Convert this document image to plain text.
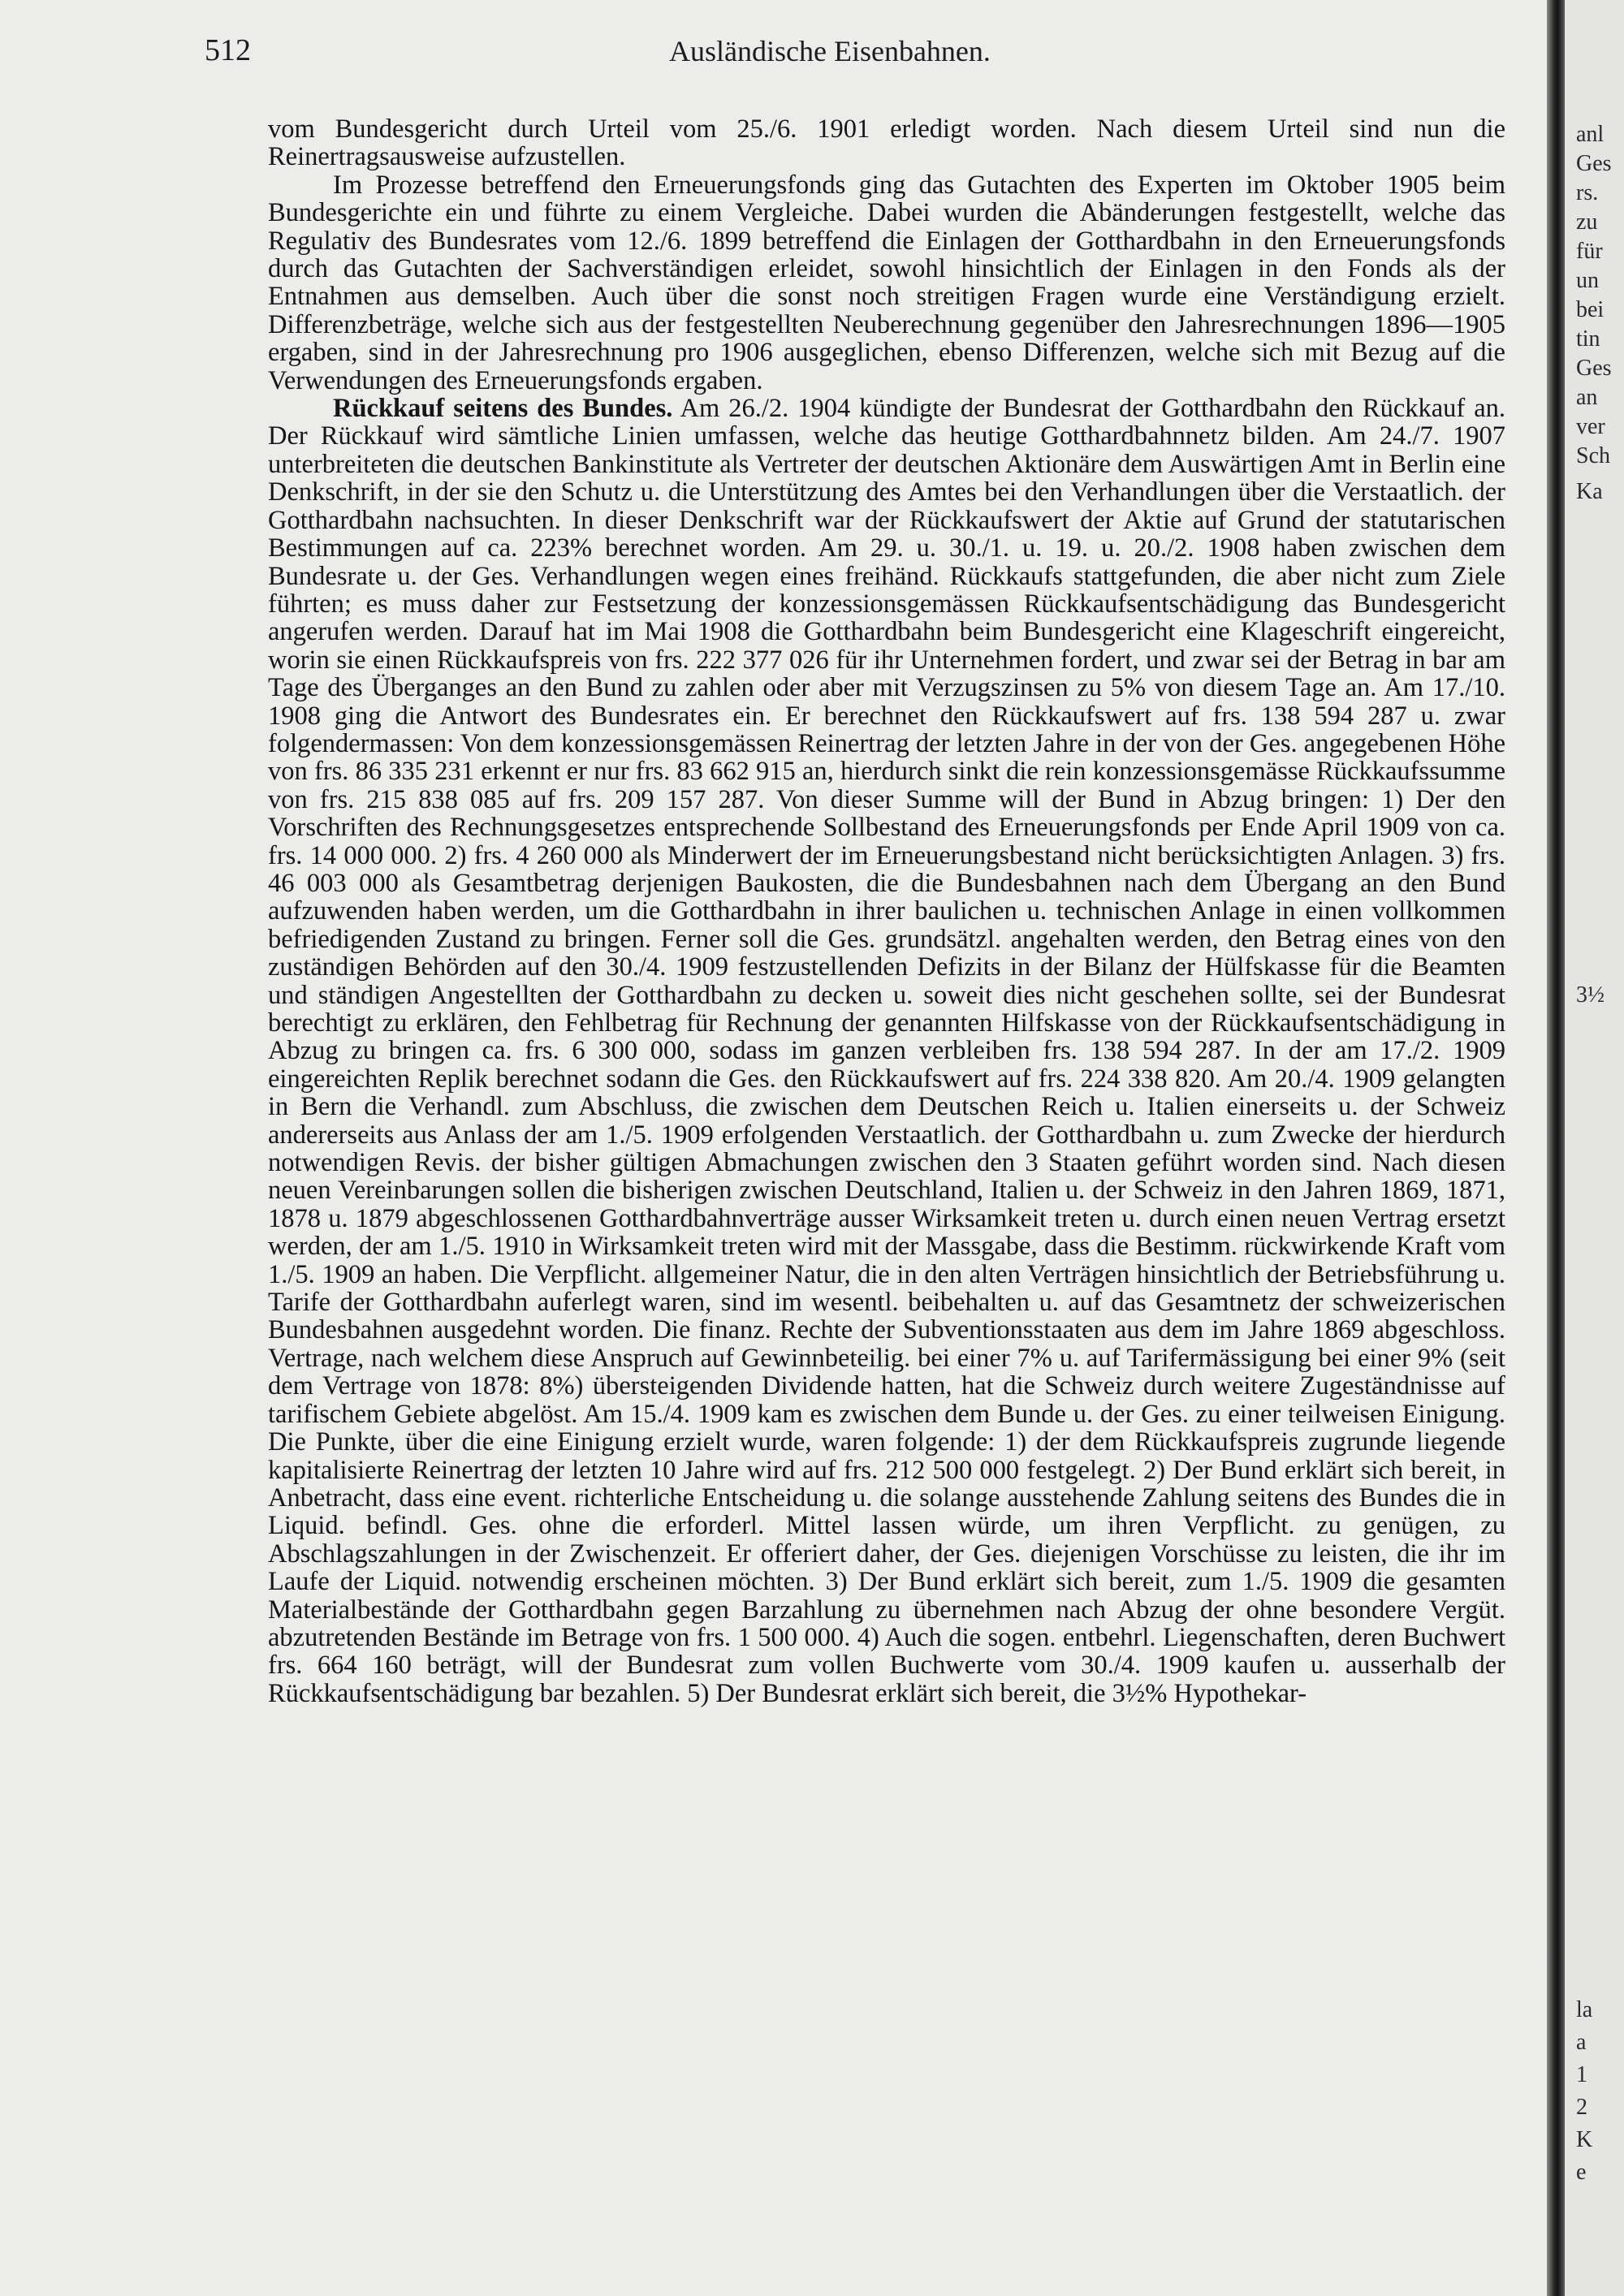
512	Ausländische Eisenbahnen.

vom Bundesgericht durch Urteil vom 25./6. 1901 erledigt worden. Nach diesem Urteil sind nun die Reinertragsausweise aufzustellen.

Im Prozesse betreffend den Erneuerungsfonds ging das Gutachten des Experten im Oktober 1905 beim Bundesgerichte ein und führte zu einem Vergleiche. Dabei wurden die Abänderungen festgestellt, welche das Regulativ des Bundesrates vom 12./6. 1899 betreffend die Einlagen der Gotthardbahn in den Erneuerungsfonds durch das Gutachten der Sachverständigen erleidet, sowohl hinsichtlich der Einlagen in den Fonds als der Entnahmen aus demselben. Auch über die sonst noch streitigen Fragen wurde eine Verständigung erzielt. Differenzbeträge, welche sich aus der festgestellten Neuberechnung gegenüber den Jahresrechnungen 1896—1905 ergaben, sind in der Jahresrechnung pro 1906 ausgeglichen, ebenso Differenzen, welche sich mit Bezug auf die Verwendungen des Erneuerungsfonds ergaben.

Rückkauf seitens des Bundes. Am 26./2. 1904 kündigte der Bundesrat der Gotthardbahn den Rückkauf an. Der Rückkauf wird sämtliche Linien umfassen, welche das heutige Gotthardbahnnetz bilden. Am 24./7. 1907 unterbreiteten die deutschen Bankinstitute als Vertreter der deutschen Aktionäre dem Auswärtigen Amt in Berlin eine Denkschrift, in der sie den Schutz u. die Unterstützung des Amtes bei den Verhandlungen über die Verstaatlich. der Gotthardbahn nachsuchten. In dieser Denkschrift war der Rückkaufswert der Aktie auf Grund der statutarischen Bestimmungen auf ca. 223% berechnet worden. Am 29. u. 30./1. u. 19. u. 20./2. 1908 haben zwischen dem Bundesrate u. der Ges. Verhandlungen wegen eines freihänd. Rückkaufs stattgefunden, die aber nicht zum Ziele führten; es muss daher zur Festsetzung der konzessionsgemässen Rückkaufsentschädigung das Bundesgericht angerufen werden. Darauf hat im Mai 1908 die Gotthardbahn beim Bundesgericht eine Klageschrift eingereicht, worin sie einen Rückkaufspreis von frs. 222 377 026 für ihr Unternehmen fordert, und zwar sei der Betrag in bar am Tage des Überganges an den Bund zu zahlen oder aber mit Verzugszinsen zu 5% von diesem Tage an. Am 17./10. 1908 ging die Antwort des Bundesrates ein. Er berechnet den Rückkaufswert auf frs. 138 594 287 u. zwar folgendermassen: Von dem konzessionsgemässen Reinertrag der letzten Jahre in der von der Ges. angegebenen Höhe von frs. 86 335 231 erkennt er nur frs. 83 662 915 an, hierdurch sinkt die rein konzessionsgemässe Rückkaufssumme von frs. 215 838 085 auf frs. 209 157 287. Von dieser Summe will der Bund in Abzug bringen: 1) Der den Vorschriften des Rechnungsgesetzes entsprechende Sollbestand des Erneuerungsfonds per Ende April 1909 von ca. frs. 14 000 000. 2) frs. 4 260 000 als Minderwert der im Erneuerungsbestand nicht berücksichtigten Anlagen. 3) frs. 46 003 000 als Gesamtbetrag derjenigen Baukosten, die die Bundesbahnen nach dem Übergang an den Bund aufzuwenden haben werden, um die Gotthardbahn in ihrer baulichen u. technischen Anlage in einen vollkommen befriedigenden Zustand zu bringen. Ferner soll die Ges. grundsätzl. angehalten werden, den Betrag eines von den zuständigen Behörden auf den 30./4. 1909 festzustellenden Defizits in der Bilanz der Hülfskasse für die Beamten und ständigen Angestellten der Gotthardbahn zu decken u. soweit dies nicht geschehen sollte, sei der Bundesrat berechtigt zu erklären, den Fehlbetrag für Rechnung der genannten Hilfskasse von der Rückkaufsentschädigung in Abzug zu bringen ca. frs. 6 300 000, sodass im ganzen verbleiben frs. 138 594 287. In der am 17./2. 1909 eingereichten Replik berechnet sodann die Ges. den Rückkaufswert auf frs. 224 338 820. Am 20./4. 1909 gelangten in Bern die Verhandl. zum Abschluss, die zwischen dem Deutschen Reich u. Italien einerseits u. der Schweiz andererseits aus Anlass der am 1./5. 1909 erfolgenden Verstaatlich. der Gotthardbahn u. zum Zwecke der hierdurch notwendigen Revis. der bisher gültigen Abmachungen zwischen den 3 Staaten geführt worden sind. Nach diesen neuen Vereinbarungen sollen die bisherigen zwischen Deutschland, Italien u. der Schweiz in den Jahren 1869, 1871, 1878 u. 1879 abgeschlossenen Gotthardbahnverträge ausser Wirksamkeit treten u. durch einen neuen Vertrag ersetzt werden, der am 1./5. 1910 in Wirksamkeit treten wird mit der Massgabe, dass die Bestimm. rückwirkende Kraft vom 1./5. 1909 an haben. Die Verpflicht. allgemeiner Natur, die in den alten Verträgen hinsichtlich der Betriebsführung u. Tarife der Gotthardbahn auferlegt waren, sind im wesentl. beibehalten u. auf das Gesamtnetz der schweizerischen Bundesbahnen ausgedehnt worden. Die finanz. Rechte der Subventionsstaaten aus dem im Jahre 1869 abgeschloss. Vertrage, nach welchem diese Anspruch auf Gewinnbeteilig. bei einer 7% u. auf Tarifermässigung bei einer 9% (seit dem Vertrage von 1878: 8%) übersteigenden Dividende hatten, hat die Schweiz durch weitere Zugeständnisse auf tarifischem Gebiete abgelöst. Am 15./4. 1909 kam es zwischen dem Bunde u. der Ges. zu einer teilweisen Einigung. Die Punkte, über die eine Einigung erzielt wurde, waren folgende: 1) der dem Rückkaufspreis zugrunde liegende kapitalisierte Reinertrag der letzten 10 Jahre wird auf frs. 212 500 000 festgelegt. 2) Der Bund erklärt sich bereit, in Anbetracht, dass eine event. richterliche Entscheidung u. die solange ausstehende Zahlung seitens des Bundes die in Liquid. befindl. Ges. ohne die erforderl. Mittel lassen würde, um ihren Verpflicht. zu genügen, zu Abschlagszahlungen in der Zwischenzeit. Er offeriert daher, der Ges. diejenigen Vorschüsse zu leisten, die ihr im Laufe der Liquid. notwendig erscheinen möchten. 3) Der Bund erklärt sich bereit, zum 1./5. 1909 die gesamten Materialbestände der Gotthardbahn gegen Barzahlung zu übernehmen nach Abzug der ohne besondere Vergüt. abzutretenden Bestände im Betrage von frs. 1 500 000. 4) Auch die sogen. entbehrl. Liegenschaften, deren Buchwert frs. 664 160 beträgt, will der Bundesrat zum vollen Buchwerte vom 30./4. 1909 kaufen u. ausserhalb der Rückkaufsentschädigung bar bezahlen. 5) Der Bundesrat erklärt sich bereit, die 3½% Hypothekar-

anl
Ges
rs.
zu
für
un
bei
tin
Ges
an
ver
Sch
Ka
3½
la
a
1
2
K
e
